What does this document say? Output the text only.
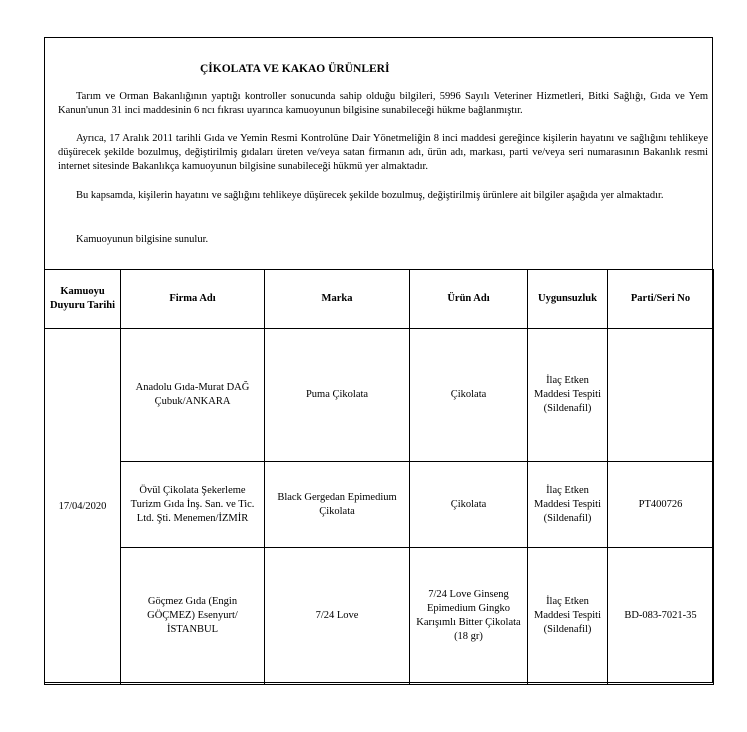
ÇİKOLATA VE KAKAO ÜRÜNLERİ

Tarım ve Orman Bakanlığının yaptığı kontroller sonucunda sahip olduğu bilgileri, 5996 Sayılı Veteriner Hizmetleri, Bitki Sağlığı, Gıda ve Yem Kanun'unun 31 inci maddesinin 6 ncı fıkrası uyarınca kamuoyunun bilgisine sunabileceği hükme bağlanmıştır.

Ayrıca, 17 Aralık 2011 tarihli Gıda ve Yemin Resmi Kontrolüne Dair Yönetmeliğin 8 inci maddesi gereğince kişilerin hayatını ve sağlığını tehlikeye düşürecek şekilde bozulmuş, değiştirilmiş gıdaları üreten ve/veya satan firmanın adı, ürün adı, markası, parti ve/veya seri numarasının Bakanlık resmi internet sitesinde Bakanlıkça kamuoyunun bilgisine sunabileceği hükmü yer almaktadır.

Bu kapsamda, kişilerin hayatını ve sağlığını tehlikeye düşürecek şekilde bozulmuş, değiştirilmiş ürünlere ait bilgiler aşağıda yer almaktadır.

Kamuoyunun bilgisine sunulur.

Kamuoyu Duyuru Tarihi	Firma Adı	Marka	Ürün Adı	Uygunsuzluk	Parti/Seri No
17/04/2020	Anadolu Gıda-Murat DAĞ Çubuk/ANKARA	Puma Çikolata	Çikolata	İlaç Etken Maddesi Tespiti (Sildenafil)	
	Övül Çikolata Şekerleme Turizm Gıda İnş. San. ve Tic. Ltd. Şti. Menemen/İZMİR	Black Gergedan Epimedium Çikolata	Çikolata	İlaç Etken Maddesi Tespiti (Sildenafil)	PT400726
	Göçmez Gıda (Engin GÖÇMEZ) Esenyurt/İSTANBUL	7/24 Love	7/24 Love Ginseng Epimedium Gingko Karışımlı Bitter Çikolata (18 gr)	İlaç Etken Maddesi Tespiti (Sildenafil)	BD-083-7021-35
